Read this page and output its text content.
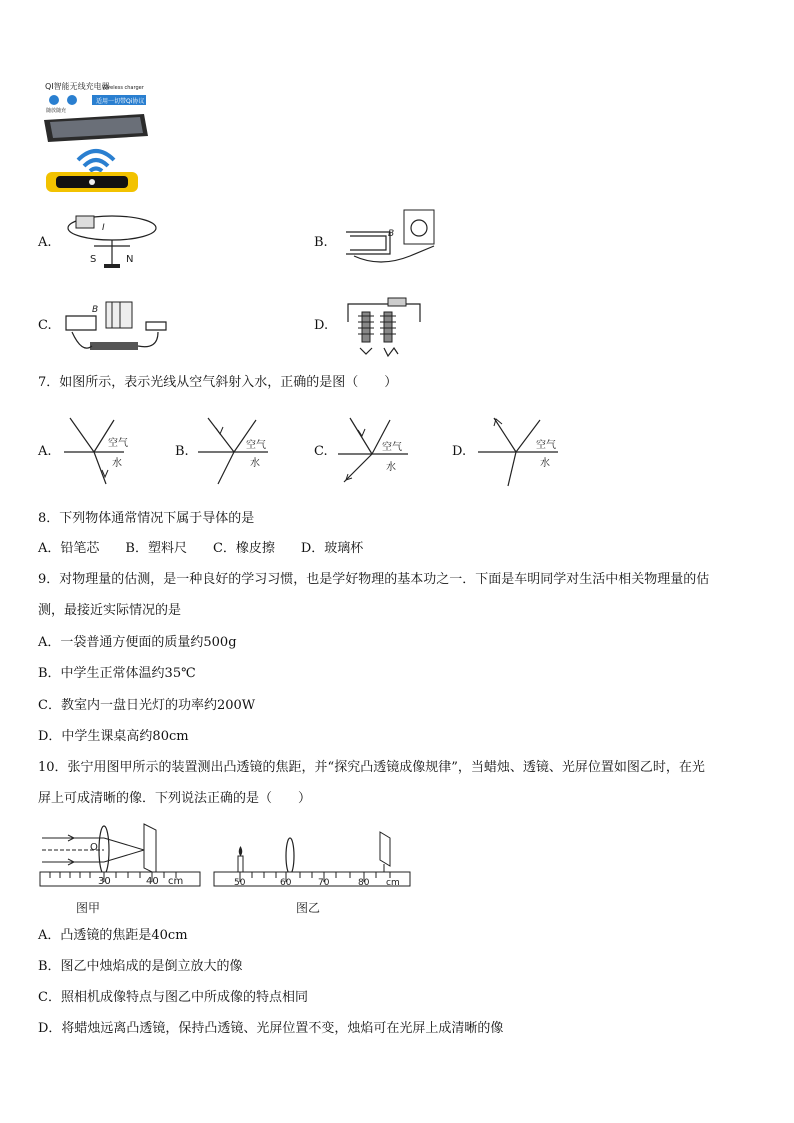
QI智能无线充电器
Wireless charger
适用一切带Qi协议
随放随充
A.
I
S	N
B.
B
C.
B
D.
7．如图所示，表示光线从空气斜射入水，正确的是图（　　）
A.
空气
水
B.	空气
水
C.	空气
水
D.	空气
水
8．下列物体通常情况下属于导体的是
A．铅笔芯　　B．塑料尺　　C．橡皮擦　　D．玻璃杯
9．对物理量的估测，是一种良好的学习习惯，也是学好物理的基本功之一．下面是车明同学对生活中相关物理量的估
测，最接近实际情况的是
A．一袋普通方便面的质量约500g
B．中学生正常体温约35℃
C．教室内一盘日光灯的功率约200W
D．中学生课桌高约80cm
10．张宁用图甲所示的装置测出凸透镜的焦距，并“探究凸透镜成像规律”，当蜡烛、透镜、光屏位置如图乙时，在光
屏上可成清晰的像．下列说法正确的是（　　）
O
30	40 cm
图甲
50	60	70	80 cm
图乙
A．凸透镜的焦距是40cm
B．图乙中烛焰成的是倒立放大的像
C．照相机成像特点与图乙中所成像的特点相同
D．将蜡烛远离凸透镜，保持凸透镜、光屏位置不变，烛焰可在光屏上成清晰的像
